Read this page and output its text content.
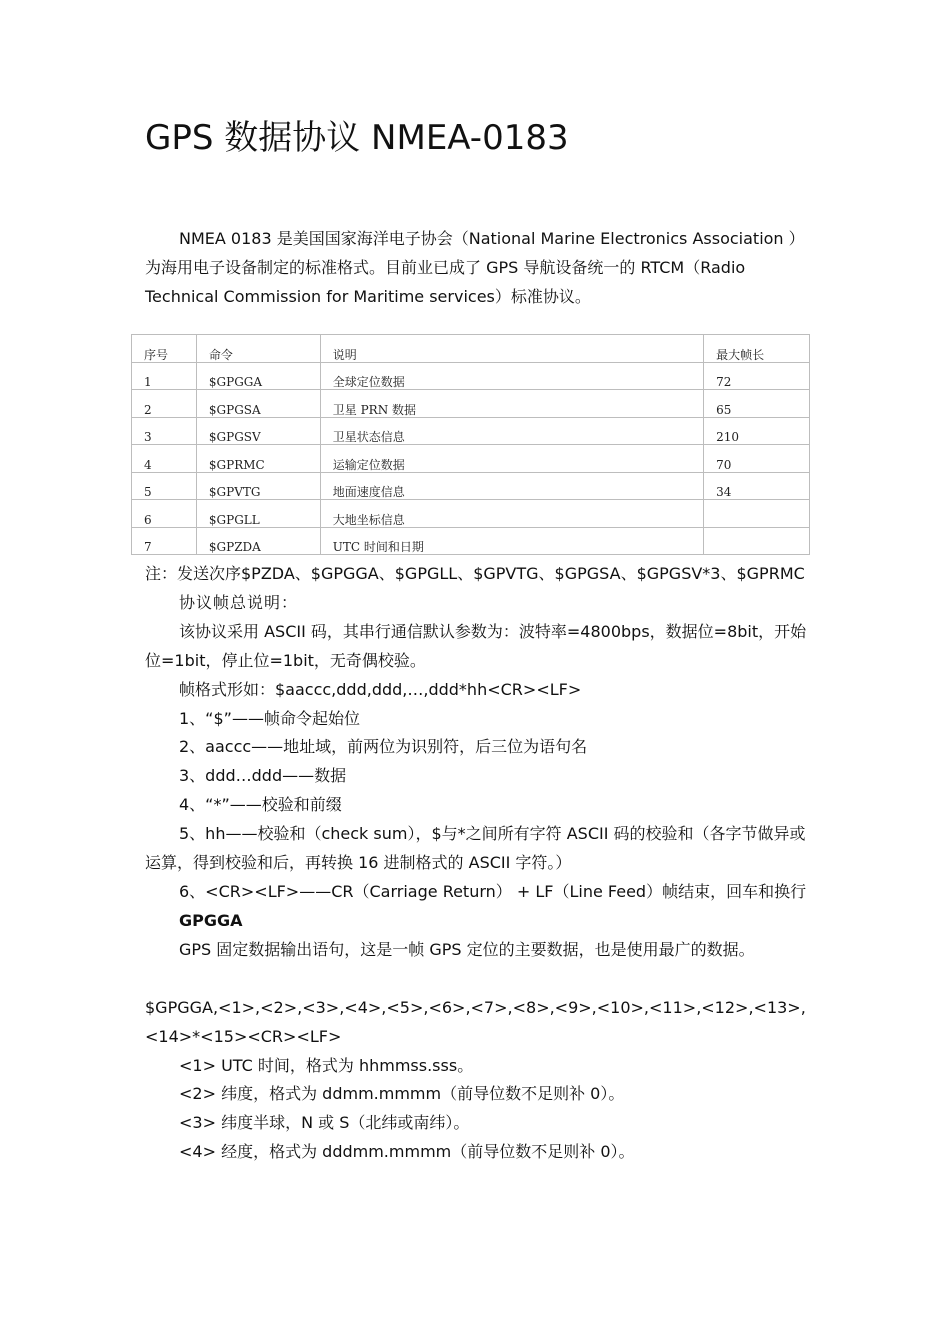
GPS 数据协议 NMEA-0183

NMEA 0183 是美国国家海洋电子协会（National Marine Electronics Association ）为海用电子设备制定的标准格式。目前业已成了 GPS 导航设备统一的 RTCM（Radio Technical Commission for Maritime services）标准协议。

序号	命令	说明	最大帧长
1	$GPGGA	全球定位数据	72
2	$GPGSA	卫星 PRN 数据	65
3	$GPGSV	卫星状态信息	210
4	$GPRMC	运输定位数据	70
5	$GPVTG	地面速度信息	34
6	$GPGLL	大地坐标信息	
7	$GPZDA	UTC 时间和日期	

注：发送次序$PZDA、$GPGGA、$GPGLL、$GPVTG、$GPGSA、$GPGSV*3、$GPRMC

协议帧总说明：

该协议采用 ASCII 码，其串行通信默认参数为：波特率=4800bps，数据位=8bit，开始位=1bit，停止位=1bit，无奇偶校验。

帧格式形如：$aaccc,ddd,ddd,…,ddd*hh<CR><LF>

1、“$”——帧命令起始位

2、aaccc——地址域，前两位为识别符，后三位为语句名

3、ddd…ddd——数据

4、“*”——校验和前缀

5、hh——校验和（check sum），$与*之间所有字符 ASCII 码的校验和（各字节做异或运算，得到校验和后，再转换 16 进制格式的 ASCII 字符。）

6、<CR><LF>——CR（Carriage Return） + LF（Line Feed）帧结束，回车和换行

GPGGA

GPS 固定数据输出语句，这是一帧 GPS 定位的主要数据，也是使用最广的数据。

$GPGGA,<1>,<2>,<3>,<4>,<5>,<6>,<7>,<8>,<9>,<10>,<11>,<12>,<13>,<14>*<15><CR><LF>

<1> UTC 时间，格式为 hhmmss.sss。

<2> 纬度，格式为 ddmm.mmmm（前导位数不足则补 0）。

<3> 纬度半球，N 或 S（北纬或南纬）。

<4> 经度，格式为 dddmm.mmmm（前导位数不足则补 0）。
